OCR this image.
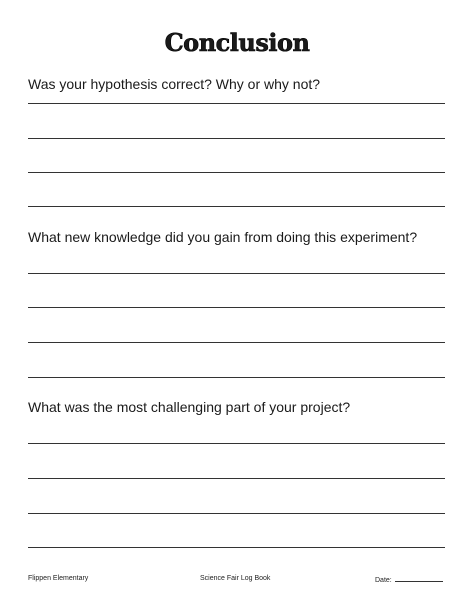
Conclusion
Was your hypothesis correct? Why or why not?
What new knowledge did you gain from doing this experiment?
What was the most challenging part of your project?
Flippen Elementary	Science Fair Log Book	Date:
